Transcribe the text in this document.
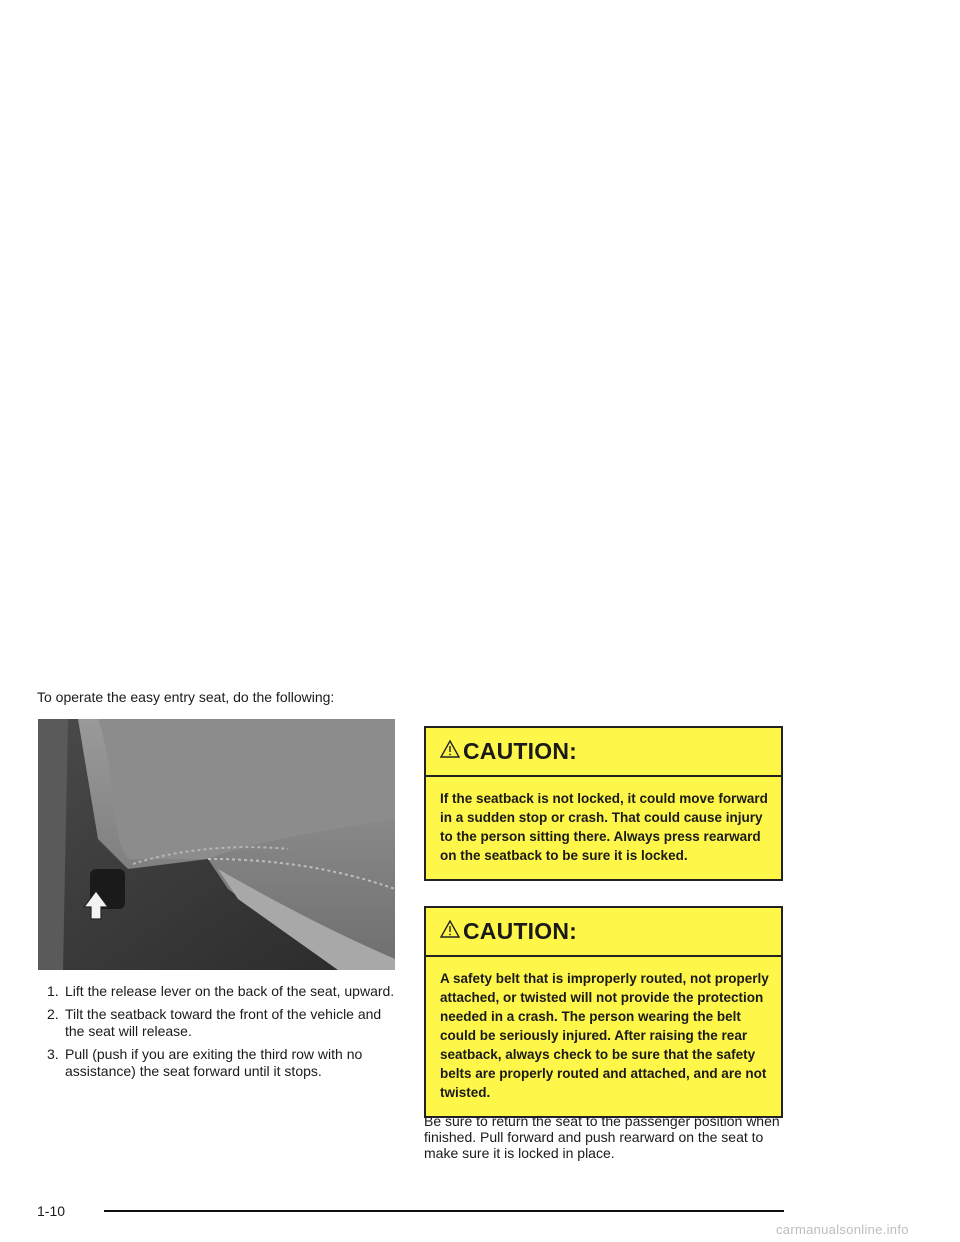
To operate the easy entry seat, do the following:

1. Lift the release lever on the back of the seat, upward.
2. Tilt the seatback toward the front of the vehicle and the seat will release.
3. Pull (push if you are exiting the third row with no assistance) the seat forward until it stops.
CAUTION:
If the seatback is not locked, it could move forward in a sudden stop or crash. That could cause injury to the person sitting there. Always press rearward on the seatback to be sure it is locked.
CAUTION:
A safety belt that is improperly routed, not properly attached, or twisted will not provide the protection needed in a crash. The person wearing the belt could be seriously injured. After raising the rear seatback, always check to be sure that the safety belts are properly routed and attached, and are not twisted.

Be sure to return the seat to the passenger position when finished. Pull forward and push rearward on the seat to make sure it is locked in place.

1-10
carmanualsonline.info
